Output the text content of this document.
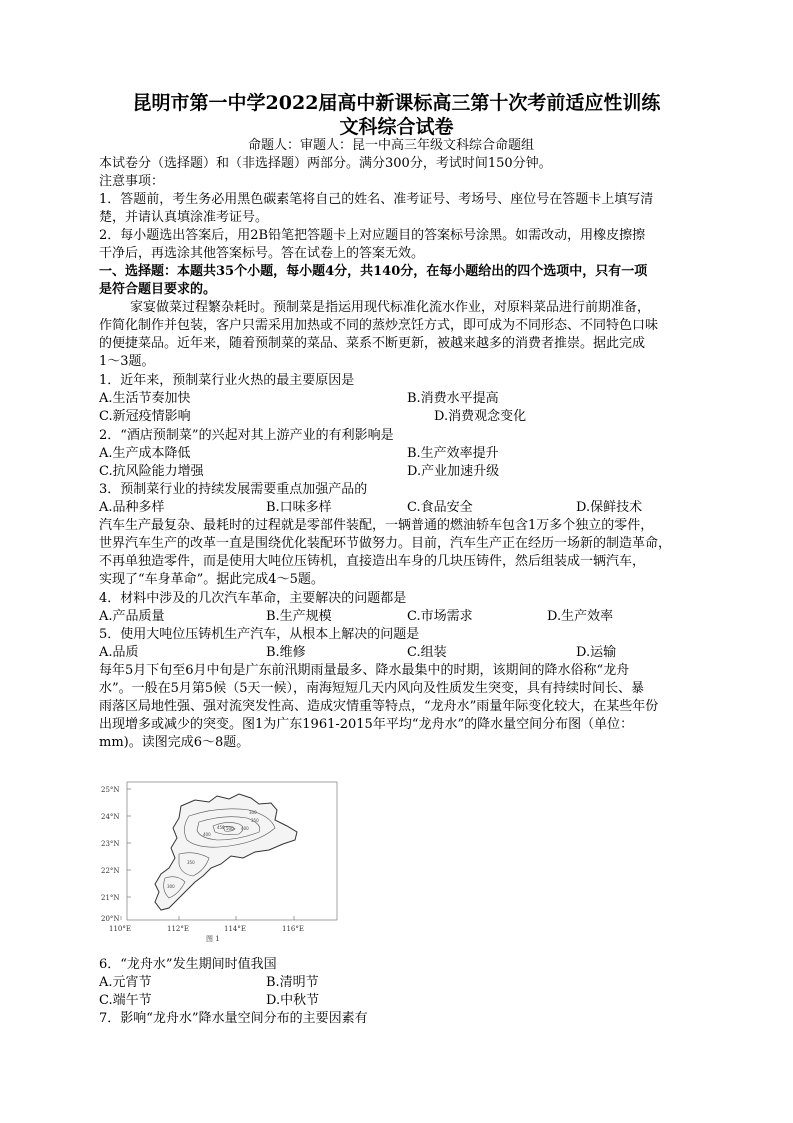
昆明市第一中学2022届高中新课标高三第十次考前适应性训练
文科综合试卷
命题人：审题人：昆一中高三年级文科综合命题组
本试卷分（选择题）和（非选择题）两部分。满分300分，考试时间150分钟。
注意事项：
1．答题前，考生务必用黑色碳素笔将自己的姓名、准考证号、考场号、座位号在答题卡上填写清
楚，并请认真填涂准考证号。
2．每小题选出答案后，用2B铅笔把答题卡上对应题目的答案标号涂黑。如需改动，用橡皮擦擦
干净后，再选涂其他答案标号。答在试卷上的答案无效。
一、选择题：本题共35个小题，每小题4分，共140分，在每小题给出的四个选项中，只有一项
是符合题目要求的。
家宴做菜过程繁杂耗时。预制菜是指运用现代标准化流水作业，对原料菜品进行前期准备，
作简化制作并包装，客户只需采用加热或不同的蒸炒烹饪方式，即可成为不同形态、不同特色口味
的便捷菜品。近年来，随着预制菜的菜品、菜系不断更新，被越来越多的消费者推崇。据此完成
1～3题。
1．近年来，预制菜行业火热的最主要原因是
A.生活节奏加快	B.消费水平提高
C.新冠疫情影响	D.消费观念变化
2．“酒店预制菜”的兴起对其上游产业的有利影响是
A.生产成本降低	B.生产效率提升
C.抗风险能力增强	D.产业加速升级
3．预制菜行业的持续发展需要重点加强产品的
A.品种多样	B.口味多样	C.食品安全	D.保鲜技术
汽车生产最复杂、最耗时的过程就是零部件装配，一辆普通的燃油轿车包含1万多个独立的零件，
世界汽车生产的改革一直是围绕优化装配环节做努力。目前，汽车生产正在经历一场新的制造革命，
不再单独造零件，而是使用大吨位压铸机，直接造出车身的几块压铸件，然后组装成一辆汽车，
实现了“车身革命”。据此完成4～5题。
4．材料中涉及的几次汽车革命，主要解决的问题都是
A.产品质量	B.生产规模	C.市场需求	D.生产效率
5．使用大吨位压铸机生产汽车，从根本上解决的问题是
A.品质	B.维修	C.组装	D.运输
每年5月下旬至6月中旬是广东前汛期雨量最多、降水最集中的时期，该期间的降水俗称“龙舟
水”。一般在5月第5候（5天一候），南海短短几天内风向及性质发生突变，具有持续时间长、暴
雨落区局地性强、强对流突发性高、造成灾情重等特点，“龙舟水”雨量年际变化较大，在某些年份
出现增多或减少的突变。图1为广东1961-2015年平均“龙舟水”的降水量空间分布图（单位：
mm)。读图完成6～8题。
25°N
24°N
23°N
22°N
21°N
20°N
110°E	112°E	114°E	116°E
图 1
300
350
400
400
450 500
350
300
6．“龙舟水”发生期间时值我国
A.元宵节	B.清明节
C.端午节	D.中秋节
7．影响“龙舟水”降水量空间分布的主要因素有
